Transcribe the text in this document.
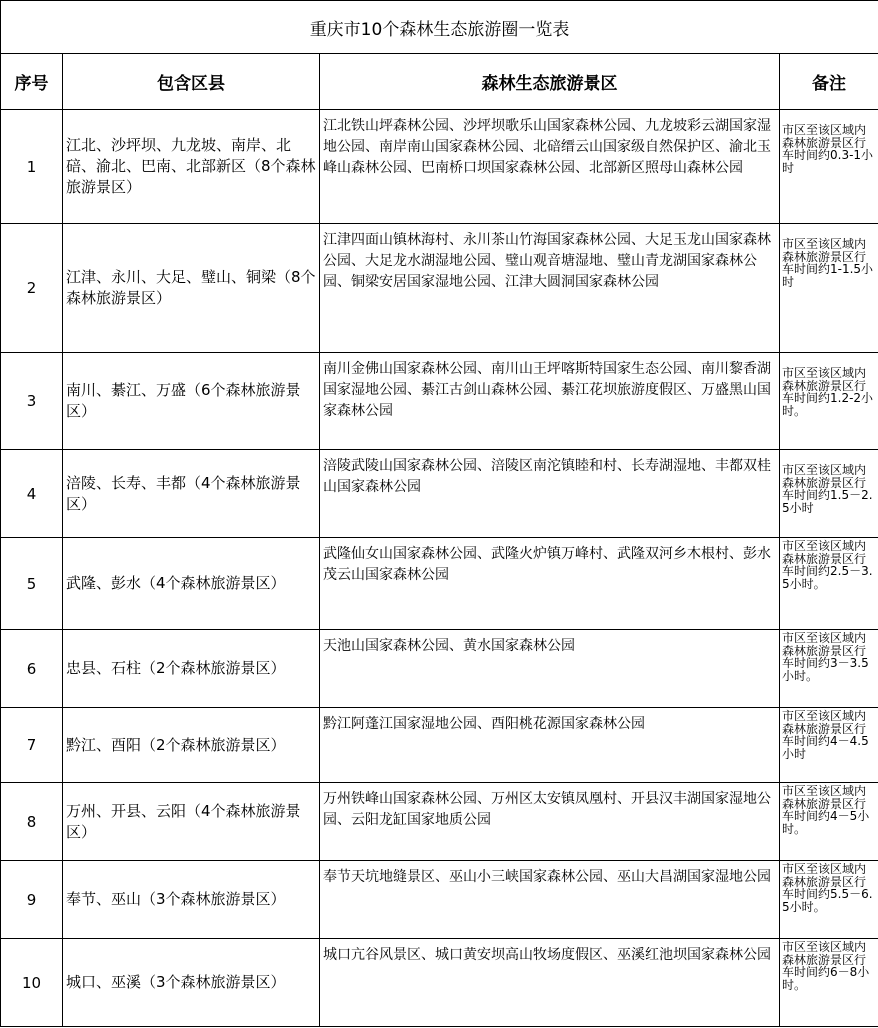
重庆市10个森林生态旅游圈一览表			
序号	包含区县	森林生态旅游景区	备注
1	江北、沙坪坝、九龙坡、南岸、北碚、渝北、巴南、北部新区（8个森林旅游景区）	江北铁山坪森林公园、沙坪坝歌乐山国家森林公园、九龙坡彩云湖国家湿地公园、南岸南山国家森林公园、北碚缙云山国家级自然保护区、渝北玉峰山森林公园、巴南桥口坝国家森林公园、北部新区照母山森林公园	市区至该区域内森林旅游景区行车时间约0.3-1小时
2	江津、永川、大足、璧山、铜梁（8个森林旅游景区）	江津四面山镇林海村、永川茶山竹海国家森林公园、大足玉龙山国家森林公园、大足龙水湖湿地公园、璧山观音塘湿地、璧山青龙湖国家森林公园、铜梁安居国家湿地公园、江津大圆洞国家森林公园	市区至该区域内森林旅游景区行车时间约1-1.5小时
3	南川、綦江、万盛（6个森林旅游景区）	南川金佛山国家森林公园、南川山王坪喀斯特国家生态公园、南川黎香湖国家湿地公园、綦江古剑山森林公园、綦江花坝旅游度假区、万盛黑山国家森林公园	市区至该区域内森林旅游景区行车时间约1.2-2小时。
4	涪陵、长寿、丰都（4个森林旅游景区）	涪陵武陵山国家森林公园、涪陵区南沱镇睦和村、长寿湖湿地、丰都双桂山国家森林公园	市区至该区域内森林旅游景区行车时间约1.5－2.5小时
5	武隆、彭水（4个森林旅游景区）	武隆仙女山国家森林公园、武隆火炉镇万峰村、武隆双河乡木根村、彭水茂云山国家森林公园	市区至该区域内森林旅游景区行车时间约2.5－3.5小时。
6	忠县、石柱（2个森林旅游景区）	天池山国家森林公园、黄水国家森林公园	市区至该区域内森林旅游景区行车时间约3－3.5小时。
7	黔江、酉阳（2个森林旅游景区）	黔江阿蓬江国家湿地公园、酉阳桃花源国家森林公园	市区至该区域内森林旅游景区行车时间约4－4.5小时
8	万州、开县、云阳（4个森林旅游景区）	万州铁峰山国家森林公园、万州区太安镇凤凰村、开县汉丰湖国家湿地公园、云阳龙缸国家地质公园	市区至该区域内森林旅游景区行车时间约4－5小时。
9	奉节、巫山（3个森林旅游景区）	奉节天坑地缝景区、巫山小三峡国家森林公园、巫山大昌湖国家湿地公园	市区至该区域内森林旅游景区行车时间约5.5－6.5小时。
10	城口、巫溪（3个森林旅游景区）	城口亢谷风景区、城口黄安坝高山牧场度假区、巫溪红池坝国家森林公园	市区至该区域内森林旅游景区行车时间约6－8小时。
